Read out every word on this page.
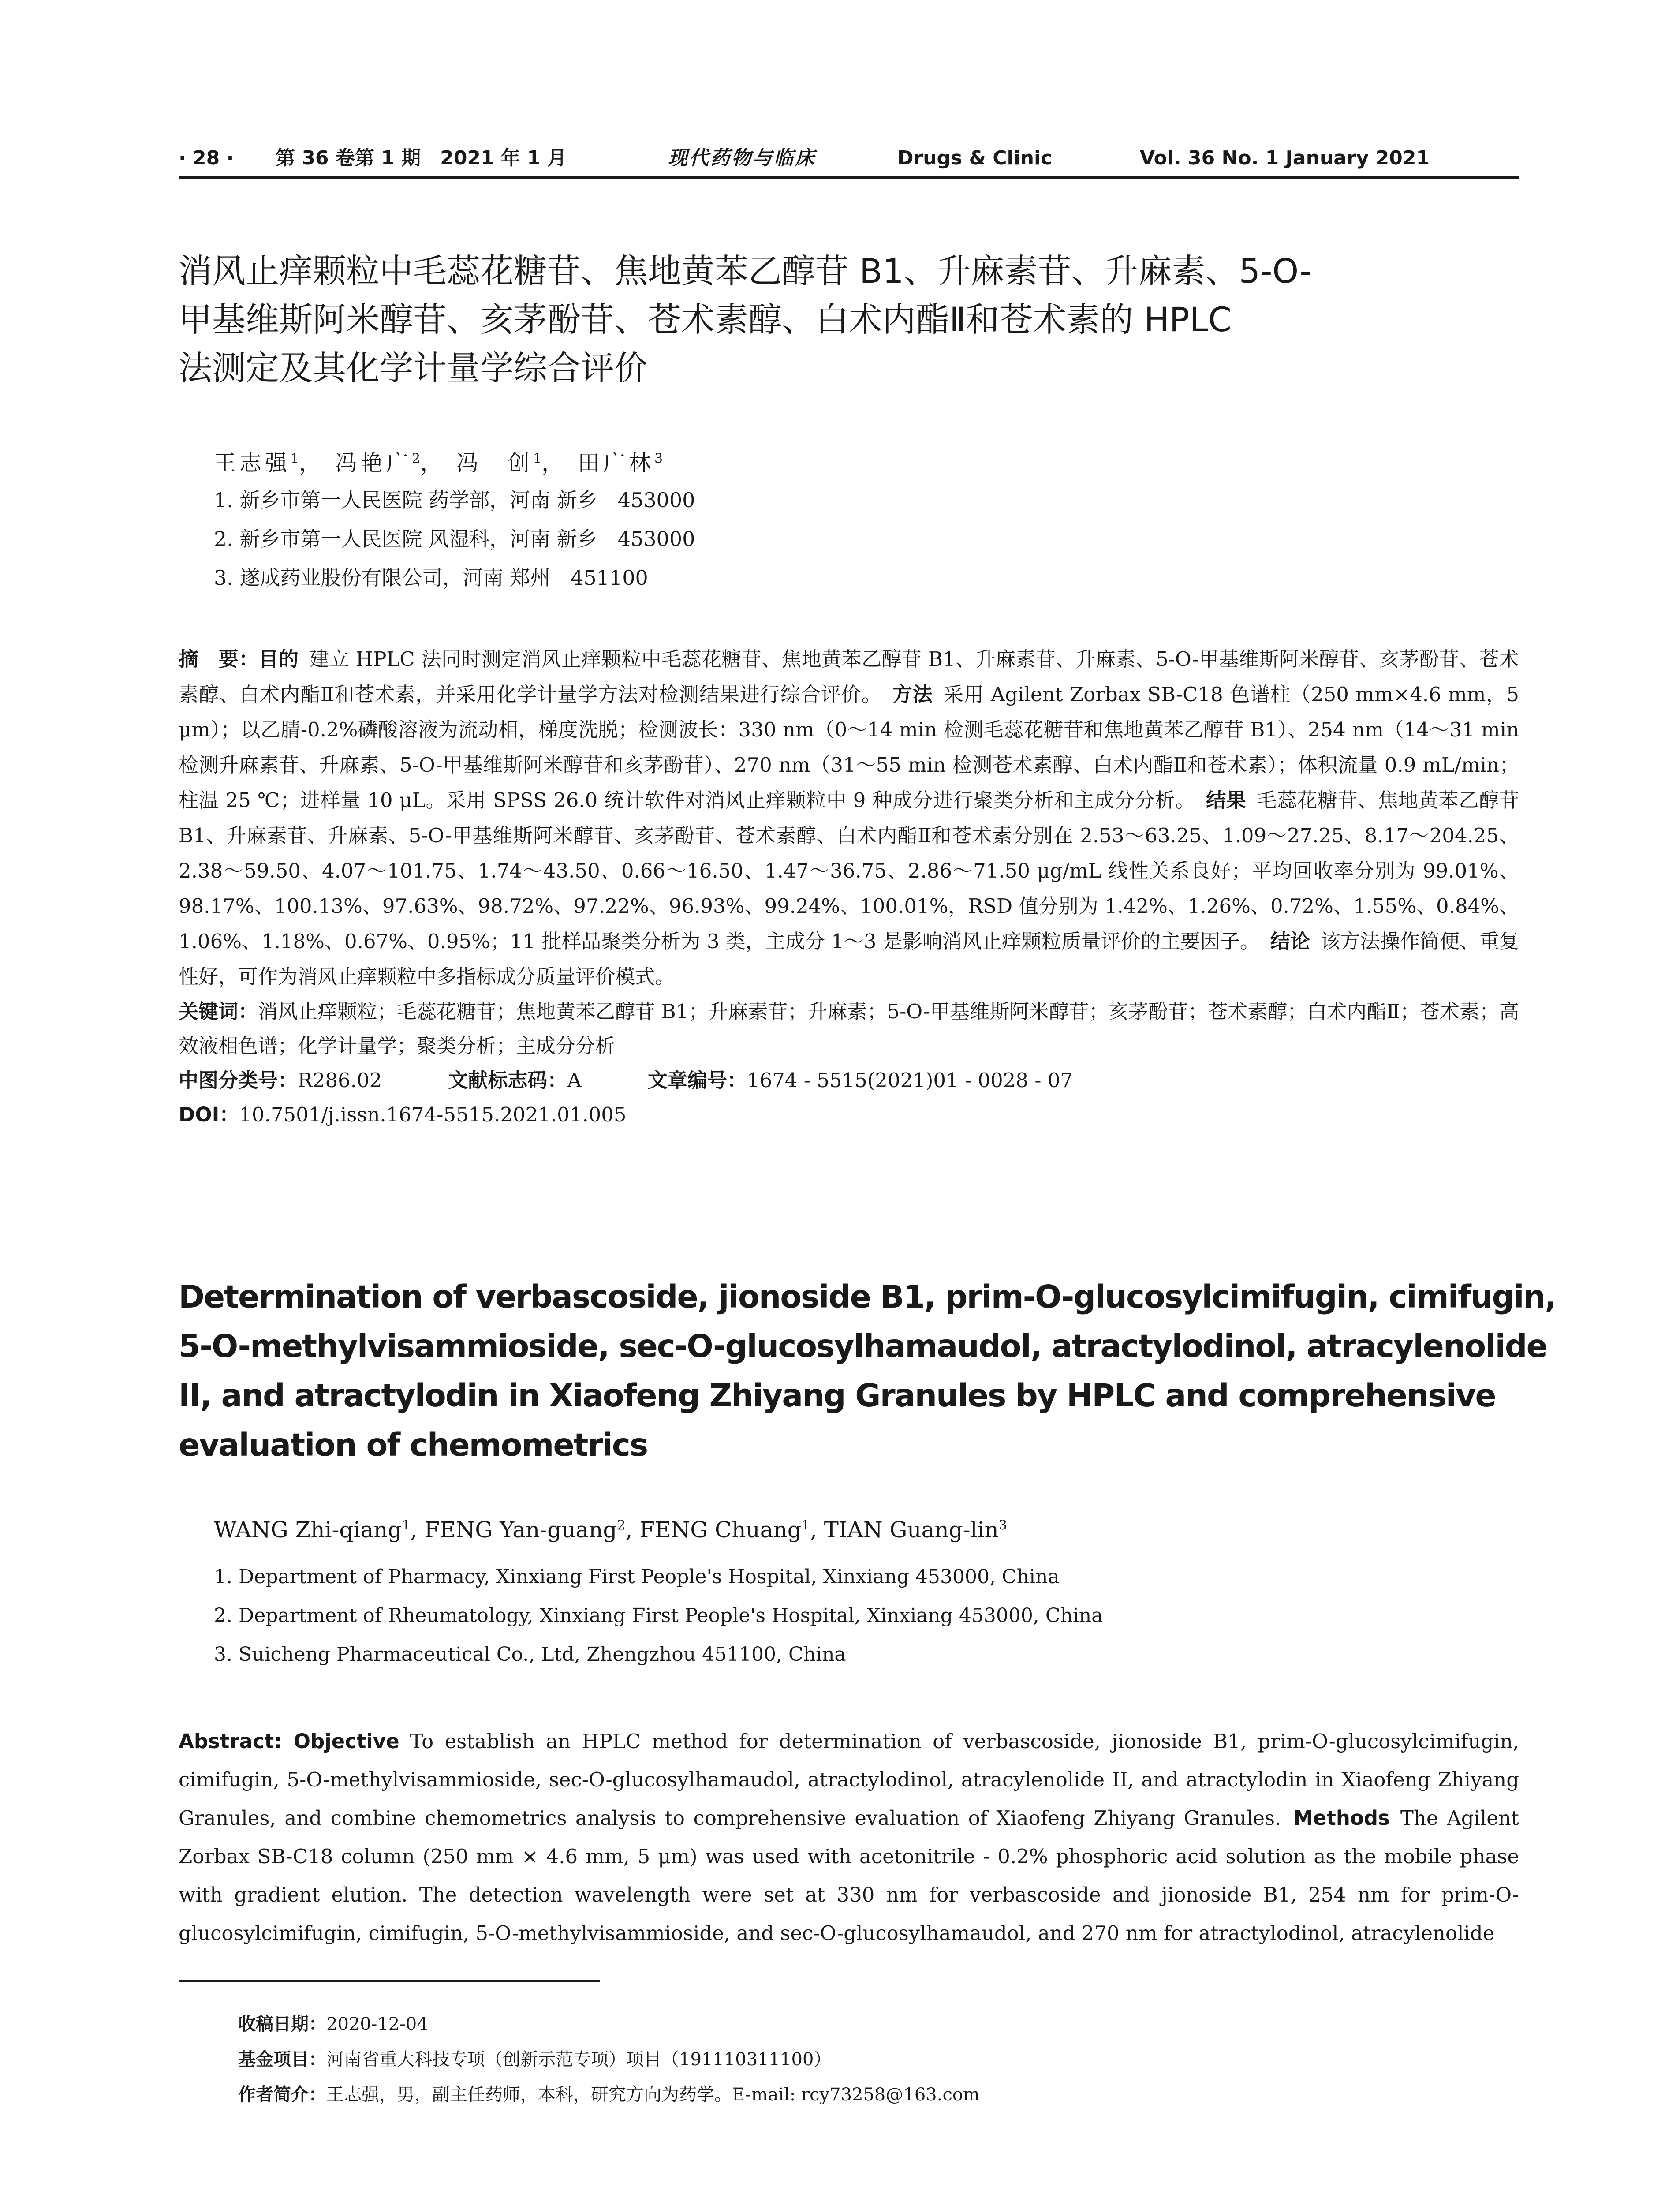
· 28 · 第 36 卷第 1 期　2021 年 1 月	现代药物与临床	Drugs & Clinic	Vol. 36 No. 1 January 2021
消风止痒颗粒中毛蕊花糖苷、焦地黄苯乙醇苷 B1、升麻素苷、升麻素、5-O-
甲基维斯阿米醇苷、亥茅酚苷、苍术素醇、白术内酯Ⅱ和苍术素的 HPLC
法测定及其化学计量学综合评价
王志强$^1$， 冯艳广$^2$， 冯　创$^1$， 田广林$^3$
1. 新乡市第一人民医院 药学部，河南 新乡　453000
2. 新乡市第一人民医院 风湿科，河南 新乡　453000
3. 遂成药业股份有限公司，河南 郑州　451100

摘　要：目的 建立 HPLC 法同时测定消风止痒颗粒中毛蕊花糖苷、焦地黄苯乙醇苷 B1、升麻素苷、升麻素、5-O-甲基维斯阿米醇苷、亥茅酚苷、苍术素醇、白术内酯Ⅱ和苍术素，并采用化学计量学方法对检测结果进行综合评价。 方法 采用 Agilent Zorbax SB-C18 色谱柱（250 mm×4.6 mm，5 μm）；以乙腈-0.2%磷酸溶液为流动相，梯度洗脱；检测波长：330 nm（0～14 min 检测毛蕊花糖苷和焦地黄苯乙醇苷 B1）、254 nm（14～31 min 检测升麻素苷、升麻素、5-O-甲基维斯阿米醇苷和亥茅酚苷）、270 nm（31～55 min 检测苍术素醇、白术内酯Ⅱ和苍术素）；体积流量 0.9 mL/min；柱温 25 ℃；进样量 10 μL。采用 SPSS 26.0 统计软件对消风止痒颗粒中 9 种成分进行聚类分析和主成分分析。 结果 毛蕊花糖苷、焦地黄苯乙醇苷 B1、升麻素苷、升麻素、5-O-甲基维斯阿米醇苷、亥茅酚苷、苍术素醇、白术内酯Ⅱ和苍术素分别在 2.53～63.25、1.09～27.25、8.17～204.25、2.38～59.50、4.07～101.75、1.74～43.50、0.66～16.50、1.47～36.75、2.86～71.50 μg/mL 线性关系良好；平均回收率分别为 99.01%、98.17%、100.13%、97.63%、98.72%、97.22%、96.93%、99.24%、100.01%，RSD 值分别为 1.42%、1.26%、0.72%、1.55%、0.84%、1.06%、1.18%、0.67%、0.95%；11 批样品聚类分析为 3 类，主成分 1～3 是影响消风止痒颗粒质量评价的主要因子。 结论 该方法操作简便、重复性好，可作为消风止痒颗粒中多指标成分质量评价模式。

关键词：消风止痒颗粒；毛蕊花糖苷；焦地黄苯乙醇苷 B1；升麻素苷；升麻素；5-O-甲基维斯阿米醇苷；亥茅酚苷；苍术素醇；白术内酯Ⅱ；苍术素；高效液相色谱；化学计量学；聚类分析；主成分分析

中图分类号：R286.02	文献标志码：A	文章编号：1674 - 5515(2021)01 - 0028 - 07

DOI：10.7501/j.issn.1674-5515.2021.01.005

Determination of verbascoside, jionoside B1, prim-O-glucosylcimifugin, cimifugin,
5-O-methylvisammioside, sec-O-glucosylhamaudol, atractylodinol, atracylenolide
II, and atractylodin in Xiaofeng Zhiyang Granules by HPLC and comprehensive
evaluation of chemometrics
WANG Zhi-qiang$^1$, FENG Yan-guang$^2$, FENG Chuang$^1$, TIAN Guang-lin$^3$
1. Department of Pharmacy, Xinxiang First People's Hospital, Xinxiang 453000, China
2. Department of Rheumatology, Xinxiang First People's Hospital, Xinxiang 453000, China
3. Suicheng Pharmaceutical Co., Ltd, Zhengzhou 451100, China

Abstract: Objective To establish an HPLC method for determination of verbascoside, jionoside B1, prim-O-glucosylcimifugin, cimifugin, 5-O-methylvisammioside, sec-O-glucosylhamaudol, atractylodinol, atracylenolide II, and atractylodin in Xiaofeng Zhiyang Granules, and combine chemometrics analysis to comprehensive evaluation of Xiaofeng Zhiyang Granules. Methods The Agilent Zorbax SB-C18 column (250 mm × 4.6 mm, 5 μm) was used with acetonitrile - 0.2% phosphoric acid solution as the mobile phase with gradient elution. The detection wavelength were set at 330 nm for verbascoside and jionoside B1, 254 nm for prim-O-glucosylcimifugin, cimifugin, 5-O-methylvisammioside, and sec-O-glucosylhamaudol, and 270 nm for atractylodinol, atracylenolide

收稿日期：2020-12-04

基金项目：河南省重大科技专项（创新示范专项）项目（191110311100）

作者简介：王志强，男，副主任药师，本科，研究方向为药学。E-mail: rcy73258@163.com
